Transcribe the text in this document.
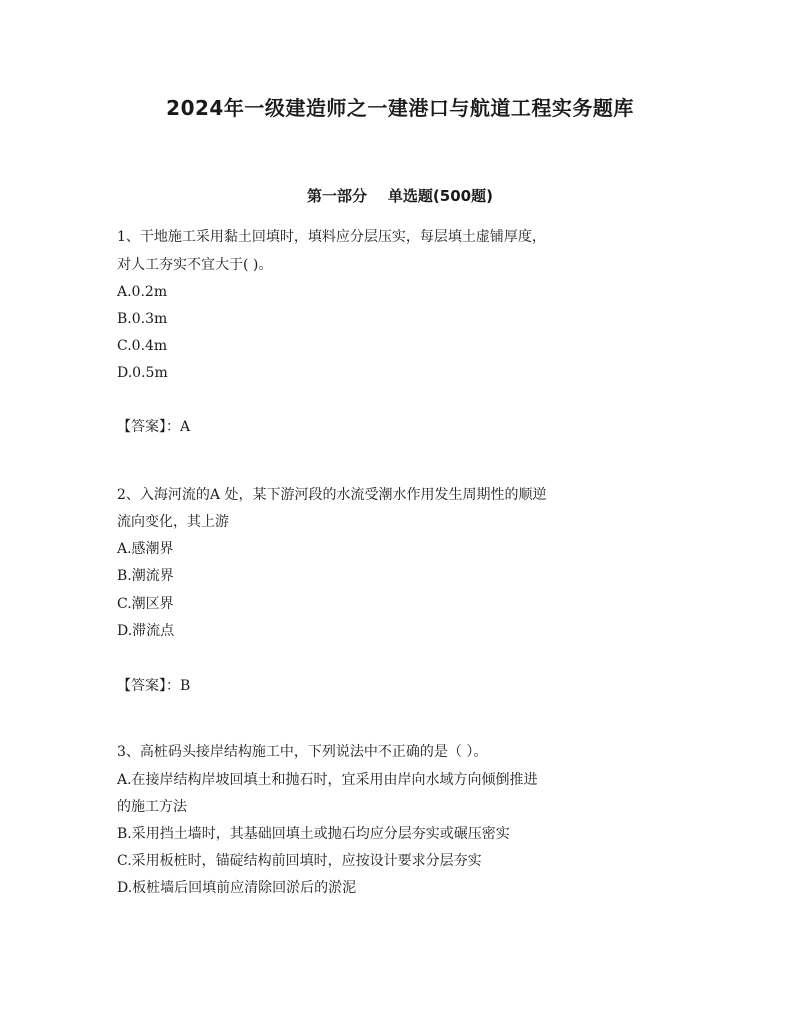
2024年一级建造师之一建港口与航道工程实务题库
第一部分    单选题(500题)
1、干地施工采用黏土回填时，填料应分层压实，每层填土虚铺厚度，
对人工夯实不宜大于( )。
A.0.2m
B.0.3m
C.0.4m
D.0.5m
【答案】：A
2、入海河流的A 处，某下游河段的水流受潮水作用发生周期性的顺逆
流向变化，其上游
A.感潮界
B.潮流界
C.潮区界
D.滞流点
【答案】：B
3、高桩码头接岸结构施工中，下列说法中不正确的是（ ）。
A.在接岸结构岸坡回填土和抛石时，宜采用由岸向水域方向倾倒推进
的施工方法
B.采用挡土墙时，其基础回填土或抛石均应分层夯实或碾压密实
C.采用板桩时，锚碇结构前回填时，应按设计要求分层夯实
D.板桩墙后回填前应清除回淤后的淤泥
